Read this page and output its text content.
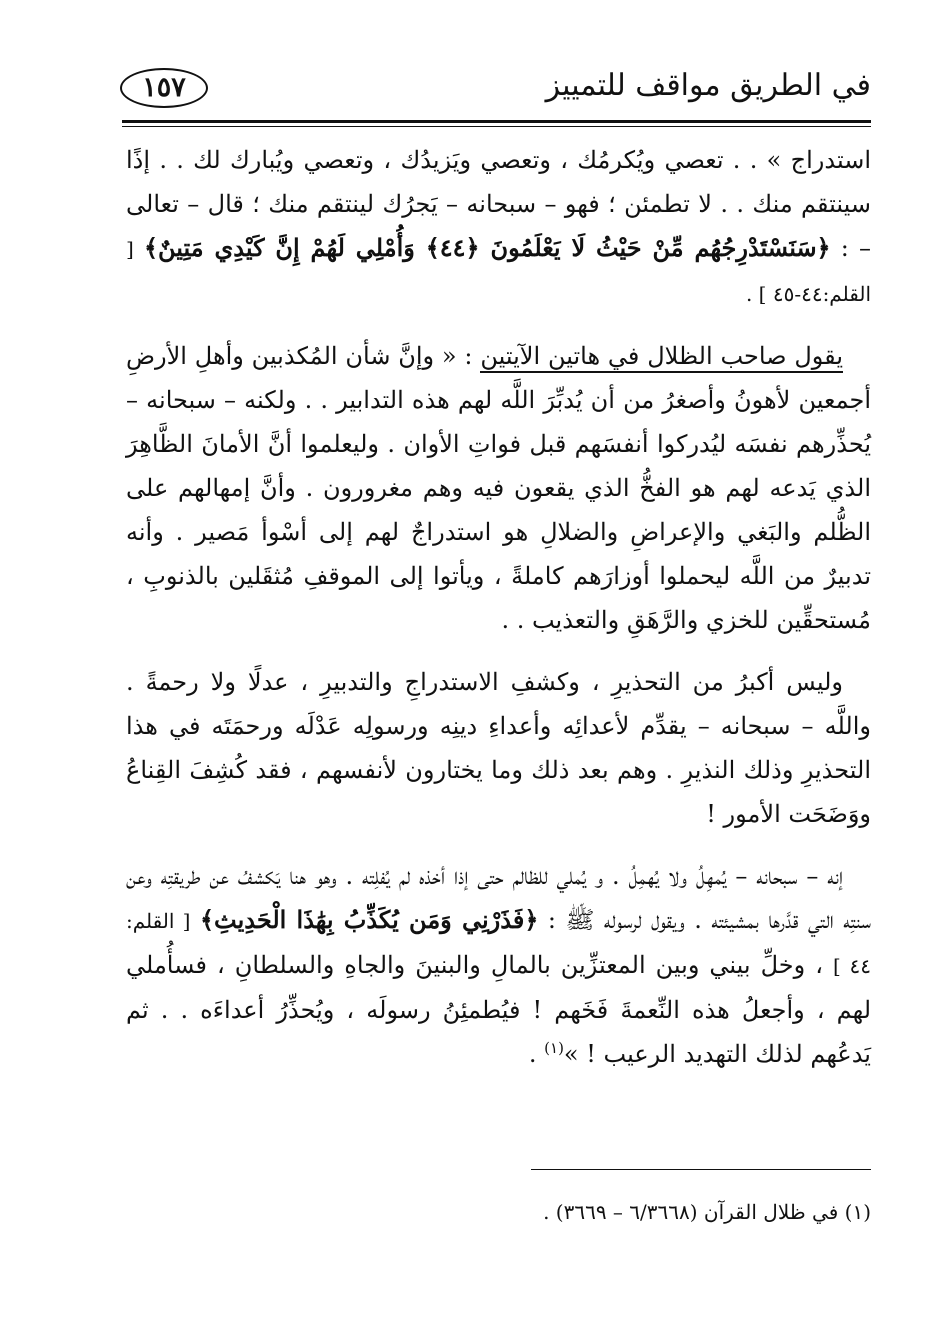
في الطريق مواقف للتمييز
١٥٧

استدراج » . . تعصي ويُكرمُك ، وتعصي ويَزيدُك ، وتعصي ويُبارك لك . . إذًا سينتقم منك . . لا تطمئن ؛ فهو – سبحانه – يَجرُك لينتقم منك ؛ قال – تعالى – : ﴿سَنَسْتَدْرِجُهُم مِّنْ حَيْثُ لَا يَعْلَمُونَ ﴿٤٤﴾ وَأُمْلِي لَهُمْ إِنَّ كَيْدِي مَتِينٌ﴾ [ القلم:٤٤-٤٥ ] .

يقول صاحب الظلال في هاتين الآيتين : « وإنَّ شأن المُكذبين وأهلِ الأرضِ أجمعين لأهونُ وأصغرُ من أن يُدبِّرَ اللَّه لهم هذه التدابير . . ولكنه – سبحانه – يُحذِّرهم نفسَه ليُدركوا أنفسَهم قبل فواتِ الأوان . وليعلموا أنَّ الأمانَ الظَّاهِرَ الذي يَدعه لهم هو الفخُّ الذي يقعون فيه وهم مغرورون . وأنَّ إمهالهم على الظُّلم والبَغي والإعراضِ والضلالِ هو استدراجٌ لهم إلى أسْوأ مَصير . وأنه تدبيرٌ من اللَّه ليحملوا أوزارَهم كاملةً ، ويأتوا إلى الموقفِ مُثقَلين بالذنوبِ ، مُستحقِّين للخزي والرَّهَقِ والتعذيب . .

وليس أكبرُ من التحذيرِ ، وكشفِ الاستدراجِ والتدبيرِ ، عدلًا ولا رحمةً . واللَّه – سبحانه – يقدِّم لأعدائِه وأعداءِ دينِه ورسولِه عَدْلَه ورحمَتَه في هذا التحذيرِ وذلك النذيرِ . وهم بعد ذلك وما يختارون لأنفسهم ، فقد كُشِفَ القِناعُ ووَضَحَت الأمور !

إنه – سبحانه – يُمهِلُ ولا يُهمِلُ . و يُملي للظالم حتى إذا أخذه لم يُفلِته . وهو هنا يَكشفُ عن طريقتِه وعن سنتِه التي قدَّرها بمشيئته . ويقول لرسوله ﷺ : ﴿فَذَرْنِي وَمَن يُكَذِّبُ بِهَٰذَا الْحَدِيثِ﴾ [ القلم: ٤٤ ] ، وخلِّ بيني وبين المعتزِّين بالمالِ والبنينَ والجاهِ والسلطانِ ، فسأُملي لهم ، وأجعلُ هذه النِّعمةَ فَخَهم ! فيُطمئِنُ رسولَه ، ويُحذِّرُ أعداءَه . . ثم يَدعُهم لذلك التهديد الرعيب ! »$^{(١)}$ .

(١) في ظلال القرآن (٦/٣٦٦٨ – ٣٦٦٩) .
